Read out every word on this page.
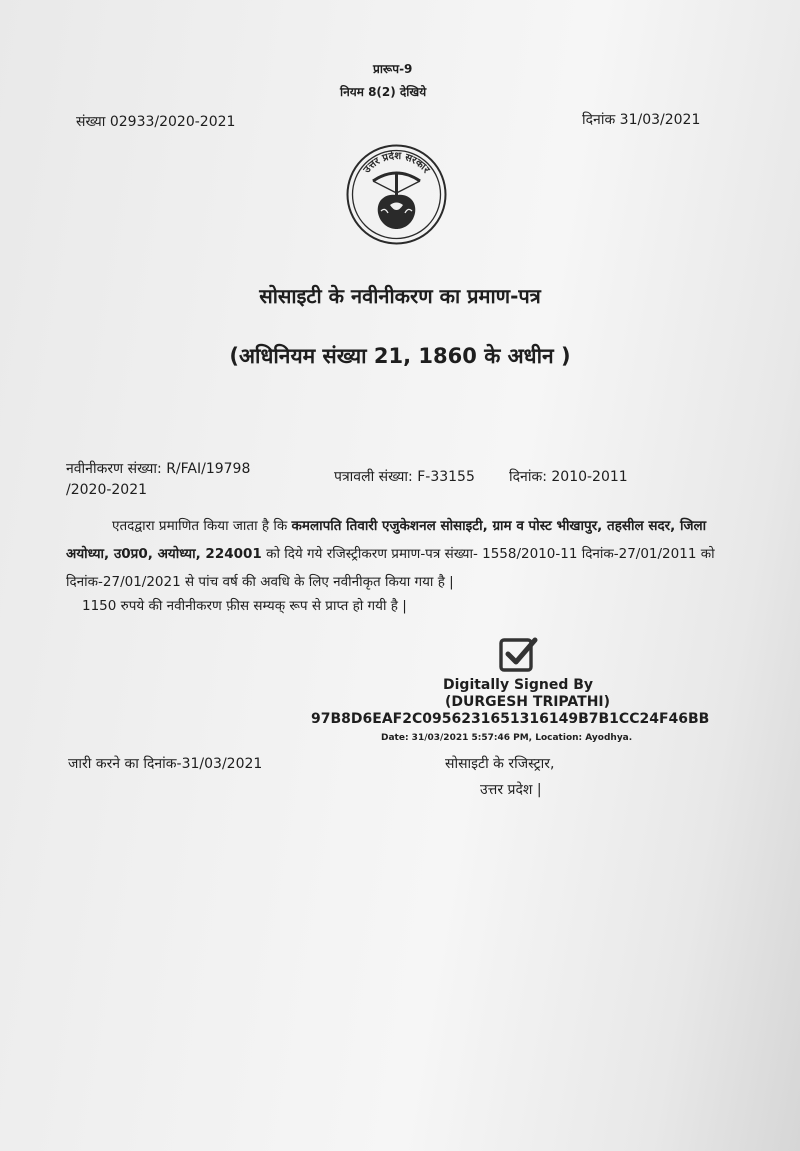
प्रारूप-9
नियम 8(2) देखिये
संख्या 02933/2020-2021	दिनांक 31/03/2021
उत्तर प्रदेश सरकार
सोसाइटी के नवीनीकरण का प्रमाण-पत्र
(अधिनियम संख्या 21, 1860 के अधीन )
नवीनीकरण संख्या: R/FAI/19798 /2020-2021
पत्रावली संख्या: F-33155 दिनांक: 2010-2011
एतदद्वारा प्रमाणित किया जाता है कि कमलापति तिवारी एजुकेशनल सोसाइटी, ग्राम व पोस्ट भीखापुर, तहसील सदर, जिला अयोध्या, उ0प्र0, अयोध्या, 224001 को दिये गये रजिस्ट्रीकरण प्रमाण-पत्र संख्या- 1558/2010-11 दिनांक-27/01/2011 को दिनांक-27/01/2021 से पांच वर्ष की अवधि के लिए नवीनीकृत किया गया है |
1150 रुपये की नवीनीकरण फ़ीस सम्यक् रूप से प्राप्त हो गयी है |
Digitally Signed By
(DURGESH TRIPATHI)
97B8D6EAF2C0956231651316149B7B1CC24F46BB
Date: 31/03/2021 5:57:46 PM, Location: Ayodhya.
जारी करने का दिनांक-31/03/2021	सोसाइटी के रजिस्ट्रार,
उत्तर प्रदेश |
